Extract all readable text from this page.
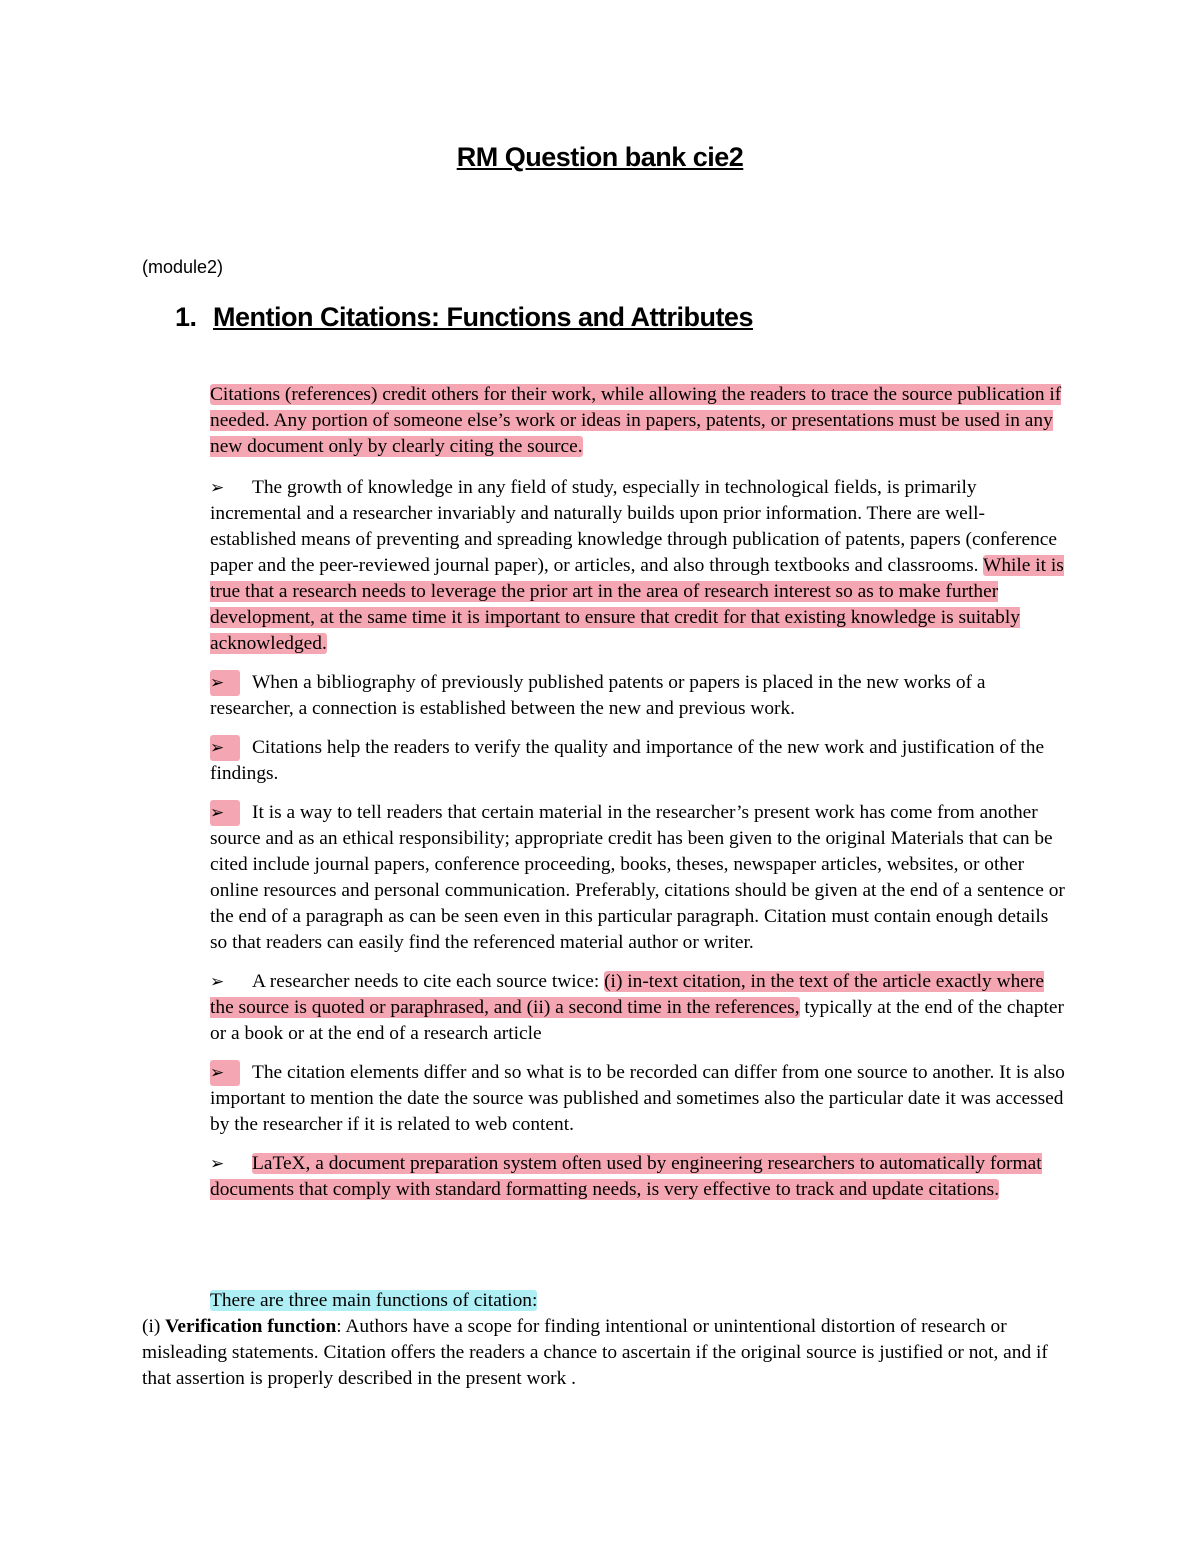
RM Question bank cie2
(module2)
1. Mention Citations: Functions and Attributes

Citations (references) credit others for their work, while allowing the readers to trace the source publication if needed. Any portion of someone else’s work or ideas in papers, patents, or presentations must be used in any new document only by clearly citing the source.

➢ The growth of knowledge in any field of study, especially in technological fields, is primarily incremental and a researcher invariably and naturally builds upon prior information. There are well-established means of preventing and spreading knowledge through publication of patents, papers (conference paper and the peer-reviewed journal paper), or articles, and also through textbooks and classrooms. While it is true that a research needs to leverage the prior art in the area of research interest so as to make further development, at the same time it is important to ensure that credit for that existing knowledge is suitably acknowledged.

➢ When a bibliography of previously published patents or papers is placed in the new works of a researcher, a connection is established between the new and previous work.

➢ Citations help the readers to verify the quality and importance of the new work and justification of the findings.

➢ It is a way to tell readers that certain material in the researcher’s present work has come from another source and as an ethical responsibility; appropriate credit has been given to the original Materials that can be cited include journal papers, conference proceeding, books, theses, newspaper articles, websites, or other online resources and personal communication. Preferably, citations should be given at the end of a sentence or the end of a paragraph as can be seen even in this particular paragraph. Citation must contain enough details so that readers can easily find the referenced material author or writer.

➢ A researcher needs to cite each source twice: (i) in-text citation, in the text of the article exactly where the source is quoted or paraphrased, and (ii) a second time in the references, typically at the end of the chapter or a book or at the end of a research article

➢ The citation elements differ and so what is to be recorded can differ from one source to another. It is also important to mention the date the source was published and sometimes also the particular date it was accessed by the researcher if it is related to web content.

➢ LaTeX, a document preparation system often used by engineering researchers to automatically format documents that comply with standard formatting needs, is very effective to track and update citations.

There are three main functions of citation:

(i) Verification function: Authors have a scope for finding intentional or unintentional distortion of research or misleading statements. Citation offers the readers a chance to ascertain if the original source is justified or not, and if that assertion is properly described in the present work .
